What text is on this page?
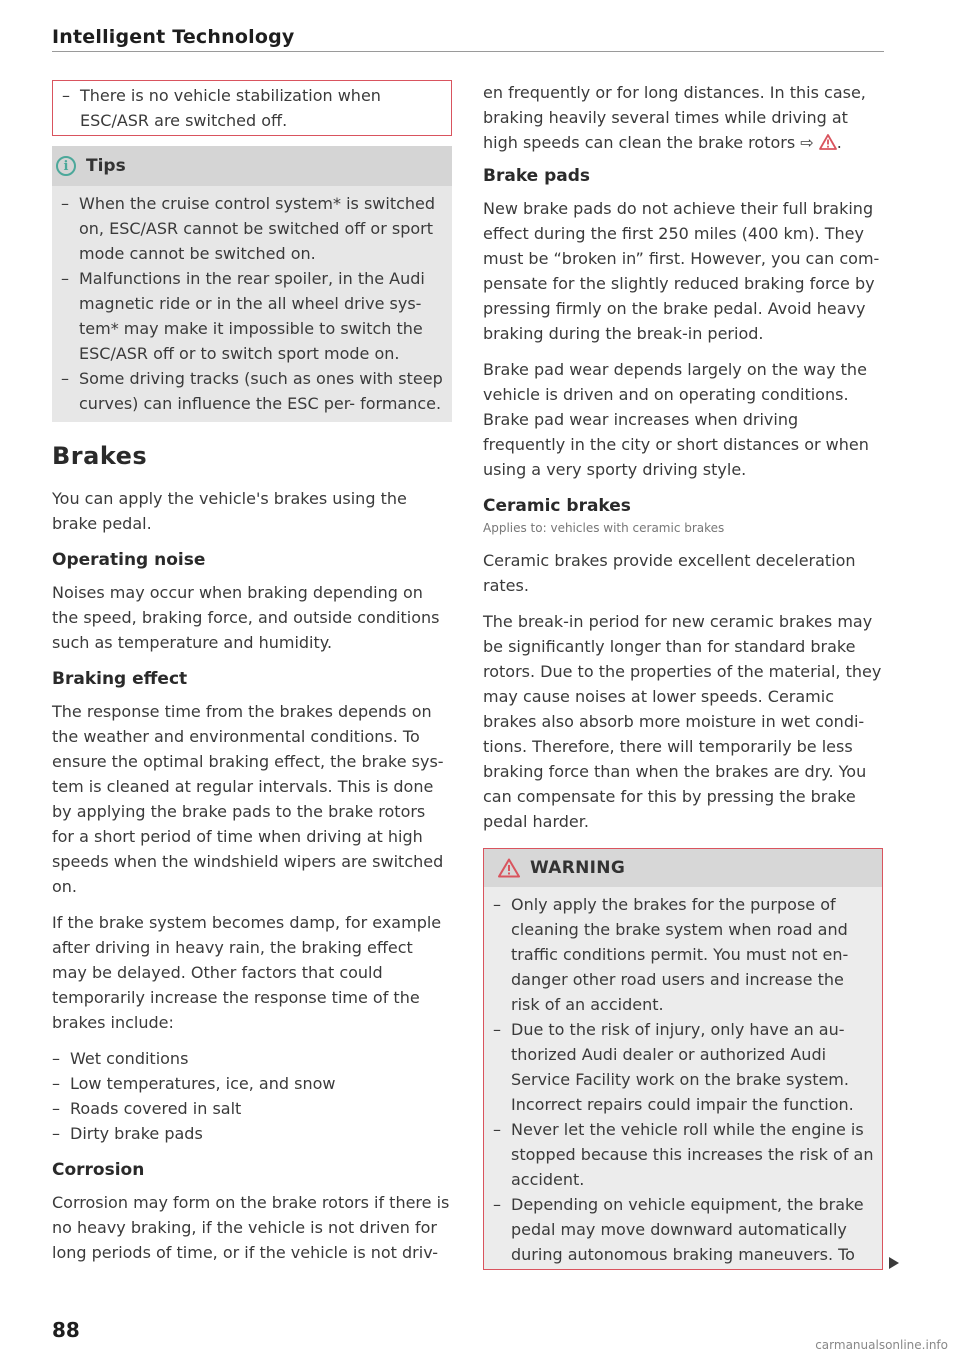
Intelligent Technology
– There is no vehicle stabilization when ESC/ASR are switched off.
i	Tips
– When the cruise control system* is switched on, ESC/ASR cannot be switched off or sport mode cannot be switched on.
– Malfunctions in the rear spoiler, in the Audi magnetic ride or in the all wheel drive sys- tem* may make it impossible to switch the ESC/ASR off or to switch sport mode on.
– Some driving tracks (such as ones with steep curves) can influence the ESC per- formance.
Brakes

You can apply the vehicle's brakes using the brake pedal.

Operating noise

Noises may occur when braking depending on the speed, braking force, and outside conditions such as temperature and humidity.

Braking effect

The response time from the brakes depends on the weather and environmental conditions. To ensure the optimal braking effect, the brake sys- tem is cleaned at regular intervals. This is done by applying the brake pads to the brake rotors for a short period of time when driving at high speeds when the windshield wipers are switched on.

If the brake system becomes damp, for example after driving in heavy rain, the braking effect may be delayed. Other factors that could temporarily increase the response time of the brakes include:

– Wet conditions
– Low temperatures, ice, and snow
– Roads covered in salt
– Dirty brake pads
Corrosion

Corrosion may form on the brake rotors if there is no heavy braking, if the vehicle is not driven for long periods of time, or if the vehicle is not driv-

en frequently or for long distances. In this case, braking heavily several times while driving at high speeds can clean the brake rotors ⇨ .

Brake pads

New brake pads do not achieve their full braking effect during the first 250 miles (400 km). They must be “broken in” first. However, you can com- pensate for the slightly reduced braking force by pressing firmly on the brake pedal. Avoid heavy braking during the break-in period.

Brake pad wear depends largely on the way the vehicle is driven and on operating conditions. Brake pad wear increases when driving frequently in the city or short distances or when using a very sporty driving style.

Ceramic brakes
Applies to: vehicles with ceramic brakes

Ceramic brakes provide excellent deceleration rates.

The break-in period for new ceramic brakes may be significantly longer than for standard brake rotors. Due to the properties of the material, they may cause noises at lower speeds. Ceramic brakes also absorb more moisture in wet condi- tions. Therefore, there will temporarily be less braking force than when the brakes are dry. You can compensate for this by pressing the brake pedal harder.

WARNING
– Only apply the brakes for the purpose of cleaning the brake system when road and traffic conditions permit. You must not en- danger other road users and increase the risk of an accident.
– Due to the risk of injury, only have an au- thorized Audi dealer or authorized Audi Service Facility work on the brake system. Incorrect repairs could impair the function.
– Never let the vehicle roll while the engine is stopped because this increases the risk of an accident.
– Depending on vehicle equipment, the brake pedal may move downward automatically during autonomous braking maneuvers. To
88
carmanualsonline.info
